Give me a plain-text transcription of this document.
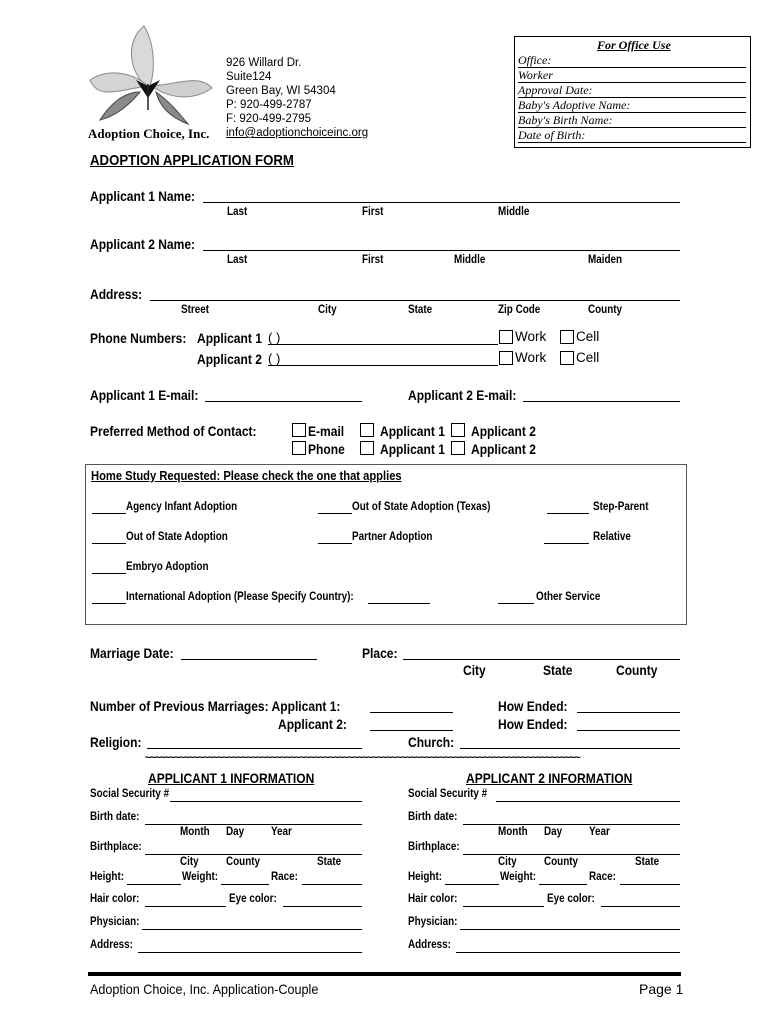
Adoption Choice, Inc.
926 Willard Dr.
Suite124
Green Bay, WI 54304
P: 920-499-2787
F: 920-499-2795
info@adoptionchoiceinc.org
For Office Use
Office:
Worker
Approval Date:
Baby's Adoptive Name:
Baby's Birth Name:
Date of Birth:
ADOPTION APPLICATION FORM
Applicant 1 Name:
Last	First	Middle
Applicant 2 Name:
Last	First	Middle	Maiden
Address:
Street	City	State	Zip Code	County
Phone Numbers: Applicant 1 ( )	Work Cell
Applicant 2 ( )	Work Cell
Applicant 1 E-mail:	Applicant 2 E-mail:
Preferred Method of Contact:	E-mail	Applicant 1 Applicant 2
Phone	Applicant 1 Applicant 2
Home Study Requested: Please check the one that applies
Agency Infant Adoption	Out of State Adoption (Texas)	Step-Parent
Out of State Adoption	Partner Adoption	Relative
Embryo Adoption
International Adoption (Please Specify Country):	Other Service
Marriage Date:	Place:
City	State	County
Number of Previous Marriages: Applicant 1:	How Ended:
Applicant 2:	How Ended:
Religion:	Church:
~~~~~~~~~~~~~~~~~~~~~~~~~~~~~~~~~~~~~~~~~~~~~~~~~~~~~~~~~~~~~~~~~~~~~~~~~~~~~~~~~~~~~~~~~~
APPLICANT 1 INFORMATION	APPLICANT 2 INFORMATION
Social Security #
Birth date:
Month Day Year
Birthplace:
City County	State
Height:	Weight:	Race:
Hair color:	Eye color:
Physician:
Address:
Social Security #
Birth date:
Month Day Year
Birthplace:
City County	State
Height:	Weight:	Race:
Hair color:	Eye color:
Physician:
Address:
Adoption Choice, Inc. Application-Couple	Page 1
